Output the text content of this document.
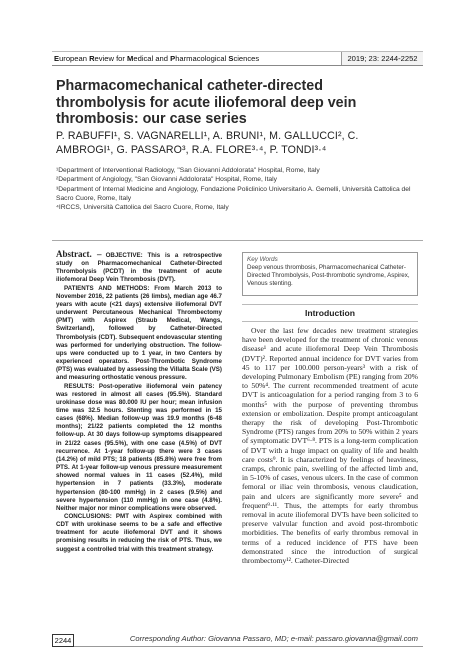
European Review for Medical and Pharmacological Sciences	2019; 23: 2244-2252
Pharmacomechanical catheter-directed thrombolysis for acute iliofemoral deep vein thrombosis: our case series
P. RABUFFI¹, S. VAGNARELLI¹, A. BRUNI¹, M. GALLUCCI², C. AMBROGI¹, G. PASSARO³, R.A. FLORE³·⁴, P. TONDI³·⁴

¹Department of Interventional Radiology, "San Giovanni Addolorata" Hospital, Rome, Italy

²Department of Angiology, "San Giovanni Addolorata" Hospital, Rome, Italy

³Department of Internal Medicine and Angiology, Fondazione Policlinico Universitario A. Gemelli, Università Cattolica del Sacro Cuore, Rome, Italy

⁴IRCCS, Università Cattolica del Sacro Cuore, Rome, Italy

Abstract. – OBJECTIVE: This is a retrospective study on Pharmacomechanical Catheter-Directed Thrombolysis (PCDT) in the treatment of acute iliofemoral Deep Vein Thrombosis (DVT).

PATIENTS AND METHODS: From March 2013 to November 2016, 22 patients (26 limbs), median age 46.7 years with acute (<21 days) extensive iliofemoral DVT underwent Percutaneous Mechanical Thrombectomy (PMT) with Aspirex (Straub Medical, Wangs, Switzerland), followed by Catheter-Directed Thrombolysis (CDT). Subsequent endovascular stenting was performed for underlying obstruction. The follow-ups were conducted up to 1 year, in two Centers by experienced operators. Post-Thrombotic Syndrome (PTS) was evaluated by assessing the Villalta Scale (VS) and measuring orthostatic venous pressure.

RESULTS: Post-operative iliofemoral vein patency was restored in almost all cases (95.5%). Standard urokinase dose was 80.000 IU per hour; mean infusion time was 32.5 hours. Stenting was performed in 15 cases (68%). Median follow-up was 19.9 months (6-48 months); 21/22 patients completed the 12 months follow-up. At 30 days follow-up symptoms disappeared in 21/22 cases (95.5%), with one case (4.5%) of DVT recurrence. At 1-year follow-up there were 3 cases (14.2%) of mild PTS; 18 patients (85.8%) were free from PTS. At 1-year follow-up venous pressure measurement showed normal values in 11 cases (52.4%), mild hypertension in 7 patients (33.3%), moderate hypertension (80-100 mmHg) in 2 cases (9.5%) and severe hypertension (110 mmHg) in one case (4.8%). Neither major nor minor complications were observed.

CONCLUSIONS: PMT with Aspirex combined with CDT with urokinase seems to be a safe and effective treatment for acute iliofemoral DVT and it shows promising results in reducing the risk of PTS. Thus, we suggest a controlled trial with this treatment strategy.

Key Words
Deep venous thrombosis, Pharmacomechanical Catheter-Directed Thrombolysis, Post-thrombotic syndrome, Aspirex, Venous stenting.
Introduction
Over the last few decades new treatment strategies have been developed for the treatment of chronic venous disease¹ and acute iliofemoral Deep Vein Thrombosis (DVT)². Reported annual incidence for DVT varies from 45 to 117 per 100.000 person-years³ with a risk of developing Pulmonary Embolism (PE) ranging from 20% to 50%⁴. The current recommended treatment of acute DVT is anticoagulation for a period ranging from 3 to 6 months⁵ with the purpose of preventing thrombus extension or embolization. Despite prompt anticoagulant therapy the risk of developing Post-Thrombotic Syndrome (PTS) ranges from 20% to 50% within 2 years of symptomatic DVT⁶·⁸. PTS is a long-term complication of DVT with a huge impact on quality of life and health care costs⁹. It is characterized by feelings of heaviness, cramps, chronic pain, swelling of the affected limb and, in 5-10% of cases, venous ulcers. In the case of common femoral or iliac vein thrombosis, venous claudication, pain and ulcers are significantly more severe⁵ and frequent⁹·¹¹. Thus, the attempts for early thrombus removal in acute iliofemoral DVTs have been solicited to preserve valvular function and avoid post-thrombotic morbidities. The benefits of early thrombus removal in terms of a reduced incidence of PTS have been demonstrated since the introduction of surgical thrombectomy¹². Catheter-Directed
2244	Corresponding Author: Giovanna Passaro, MD; e-mail: passaro.giovanna@gmail.com
